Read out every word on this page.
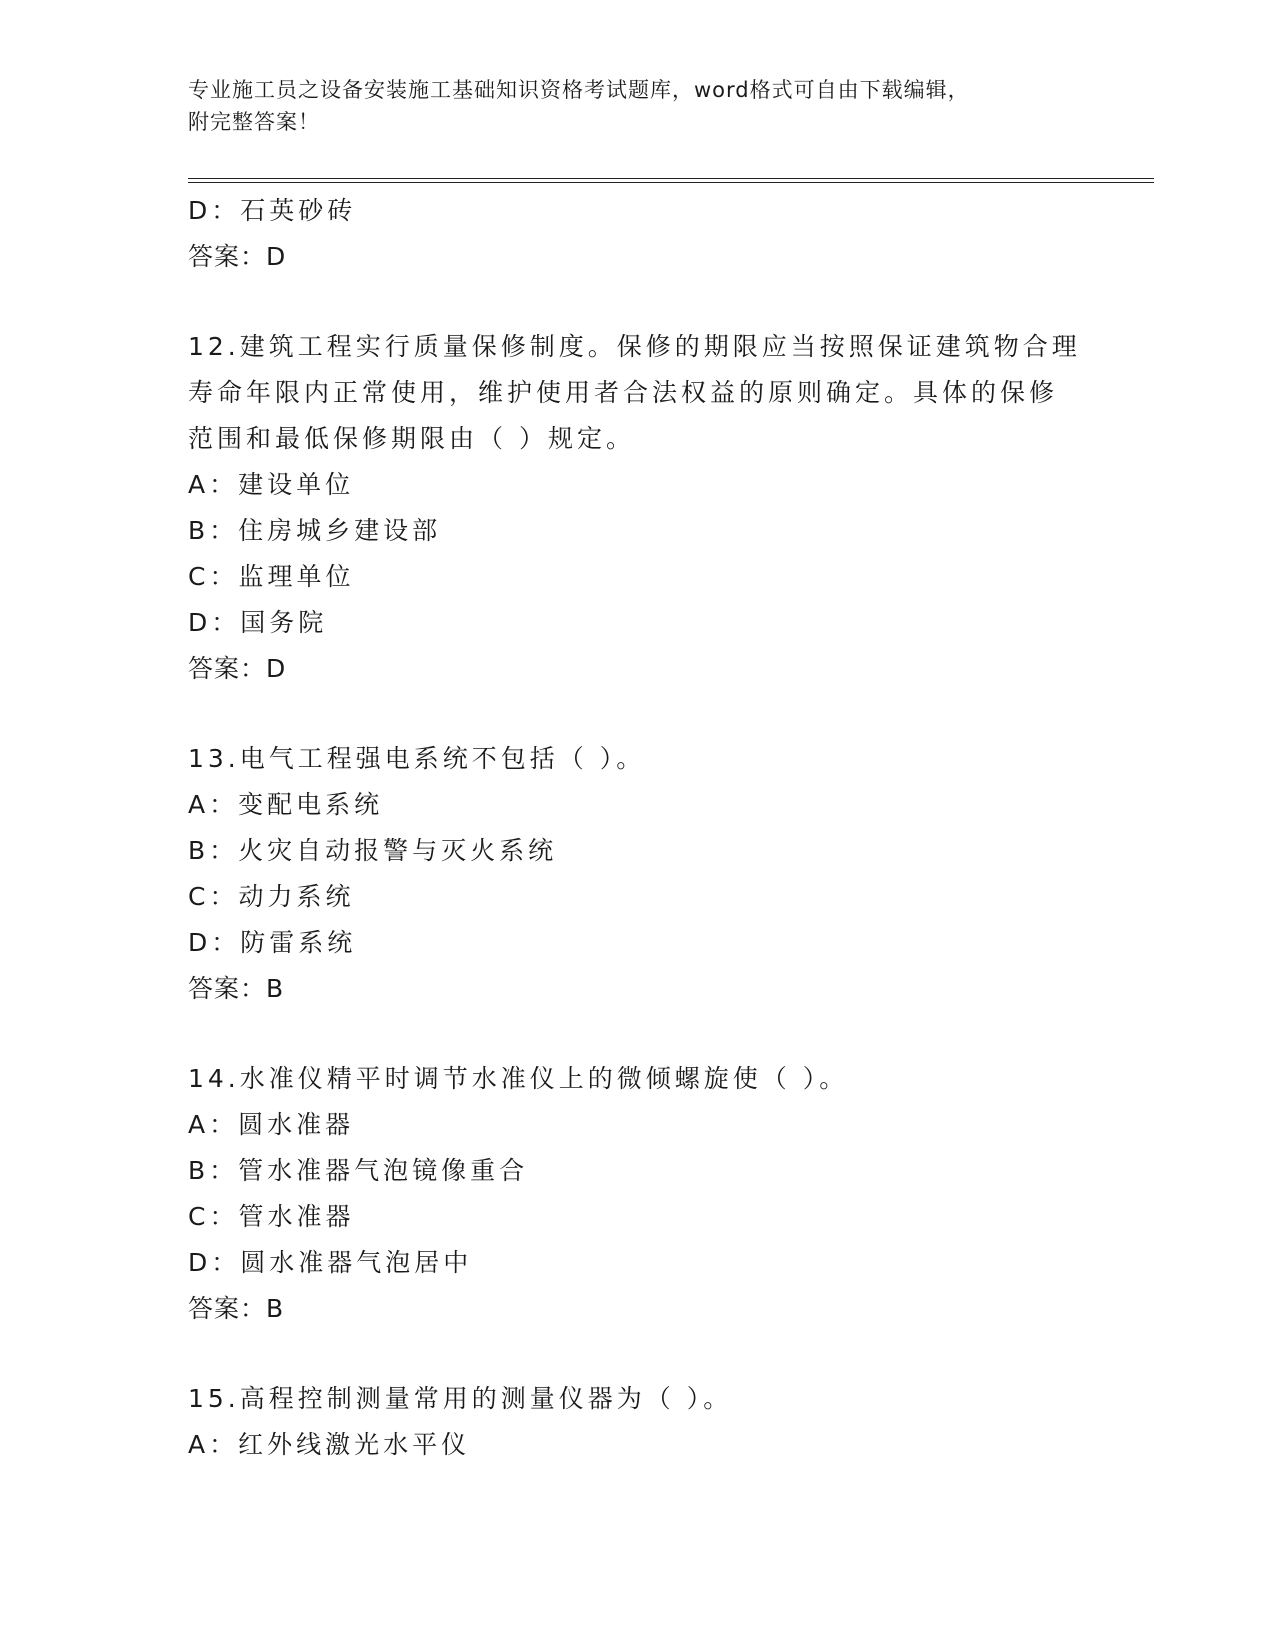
专业施工员之设备安装施工基础知识资格考试题库，word格式可自由下载编辑，
附完整答案！
D：石英砂砖
答案：D
12.建筑工程实行质量保修制度。保修的期限应当按照保证建筑物合理
寿命年限内正常使用，维护使用者合法权益的原则确定。具体的保修
范围和最低保修期限由（ ）规定。
A：建设单位
B：住房城乡建设部
C：监理单位
D：国务院
答案：D
13.电气工程强电系统不包括（ ）。
A：变配电系统
B：火灾自动报警与灭火系统
C：动力系统
D：防雷系统
答案：B
14.水准仪精平时调节水准仪上的微倾螺旋使（ ）。
A：圆水准器
B：管水准器气泡镜像重合
C：管水准器
D：圆水准器气泡居中
答案：B
15.高程控制测量常用的测量仪器为（ ）。
A：红外线激光水平仪
